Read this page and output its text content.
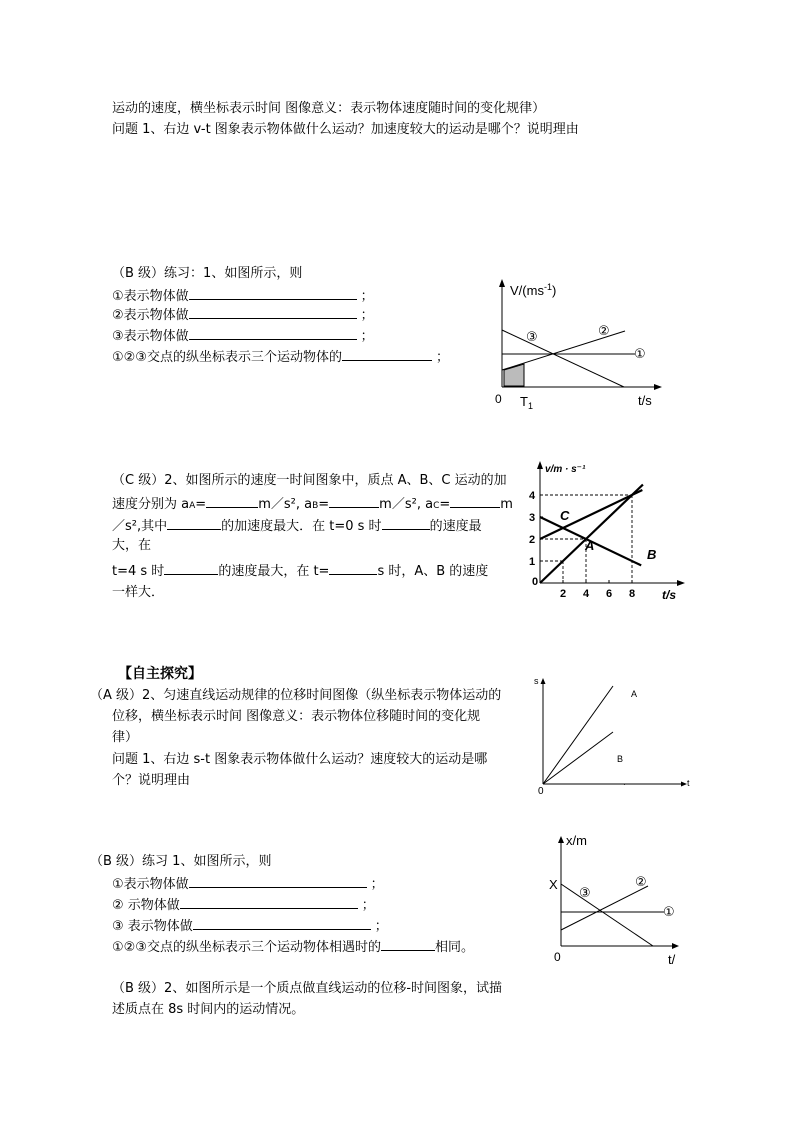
运动的速度，横坐标表示时间 图像意义：表示物体速度随时间的变化规律）
问题 1、右边 v-t 图象表示物体做什么运动？加速度较大的运动是哪个？说明理由
（B 级）练习：1、如图所示，则
①表示物体做	；
②表示物体做	；
③表示物体做	；
①②③交点的纵坐标表示三个运动物体的	；
$V/(ms^{-1})$
t/s
0 $T_1$
③	②
①
（C 级）2、如图所示的速度一时间图象中，质点 A、B、C 运动的加
速度分别为 aA=	m／s², aB=	m／s², aC=	m
／s²,其中	的加速度最大．在 t=0 s 时	的速度最
大，在
t=4 s 时	的速度最大，在 t=	s 时，A、B 的速度
一样大．
v/m · s⁻¹
t/s
0
2 4 6 8
1
2
3
4
A
B
C
【自主探究】
（A 级）2、匀速直线运动规律的位移时间图像（纵坐标表示物体运动的
位移，横坐标表示时间 图像意义：表示物体位移随时间的变化规
律）
问题 1、右边 s-t 图象表示物体做什么运动？速度较大的运动是哪
个？说明理由
s
t
0
A
B
·
（B 级）练习 1、如图所示，则
①表示物体做	；
② 示物体做	；
③ 表示物体做	；
①②③交点的纵坐标表示三个运动物体相遇时的	相同。
x/m
t/
0
X
③
②
①
（B 级）2、如图所示是一个质点做直线运动的位移-时间图象，试描
述质点在 8s 时间内的运动情况。
